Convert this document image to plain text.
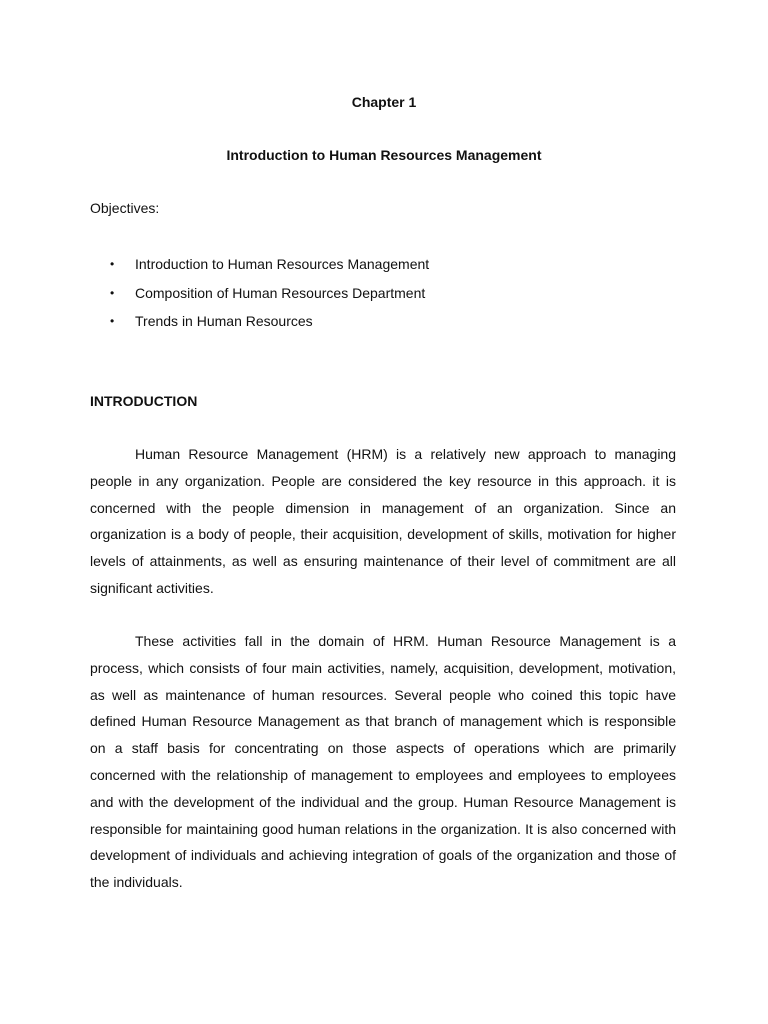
Chapter 1
Introduction to Human Resources Management
Objectives:
•	Introduction to Human Resources Management
•	Composition of Human Resources Department
•	Trends in Human Resources
INTRODUCTION

Human Resource Management (HRM) is a relatively new approach to managing people in any organization. People are considered the key resource in this approach. it is concerned with the people dimension in management of an organization. Since an organization is a body of people, their acquisition, development of skills, motivation for higher levels of attainments, as well as ensuring maintenance of their level of commitment are all significant activities.

These activities fall in the domain of HRM. Human Resource Management is a process, which consists of four main activities, namely, acquisition, development, motivation, as well as maintenance of human resources. Several people who coined this topic have defined Human Resource Management as that branch of management which is responsible on a staff basis for concentrating on those aspects of operations which are primarily concerned with the relationship of management to employees and employees to employees and with the development of the individual and the group. Human Resource Management is responsible for maintaining good human relations in the organization. It is also concerned with development of individuals and achieving integration of goals of the organization and those of the individuals.
